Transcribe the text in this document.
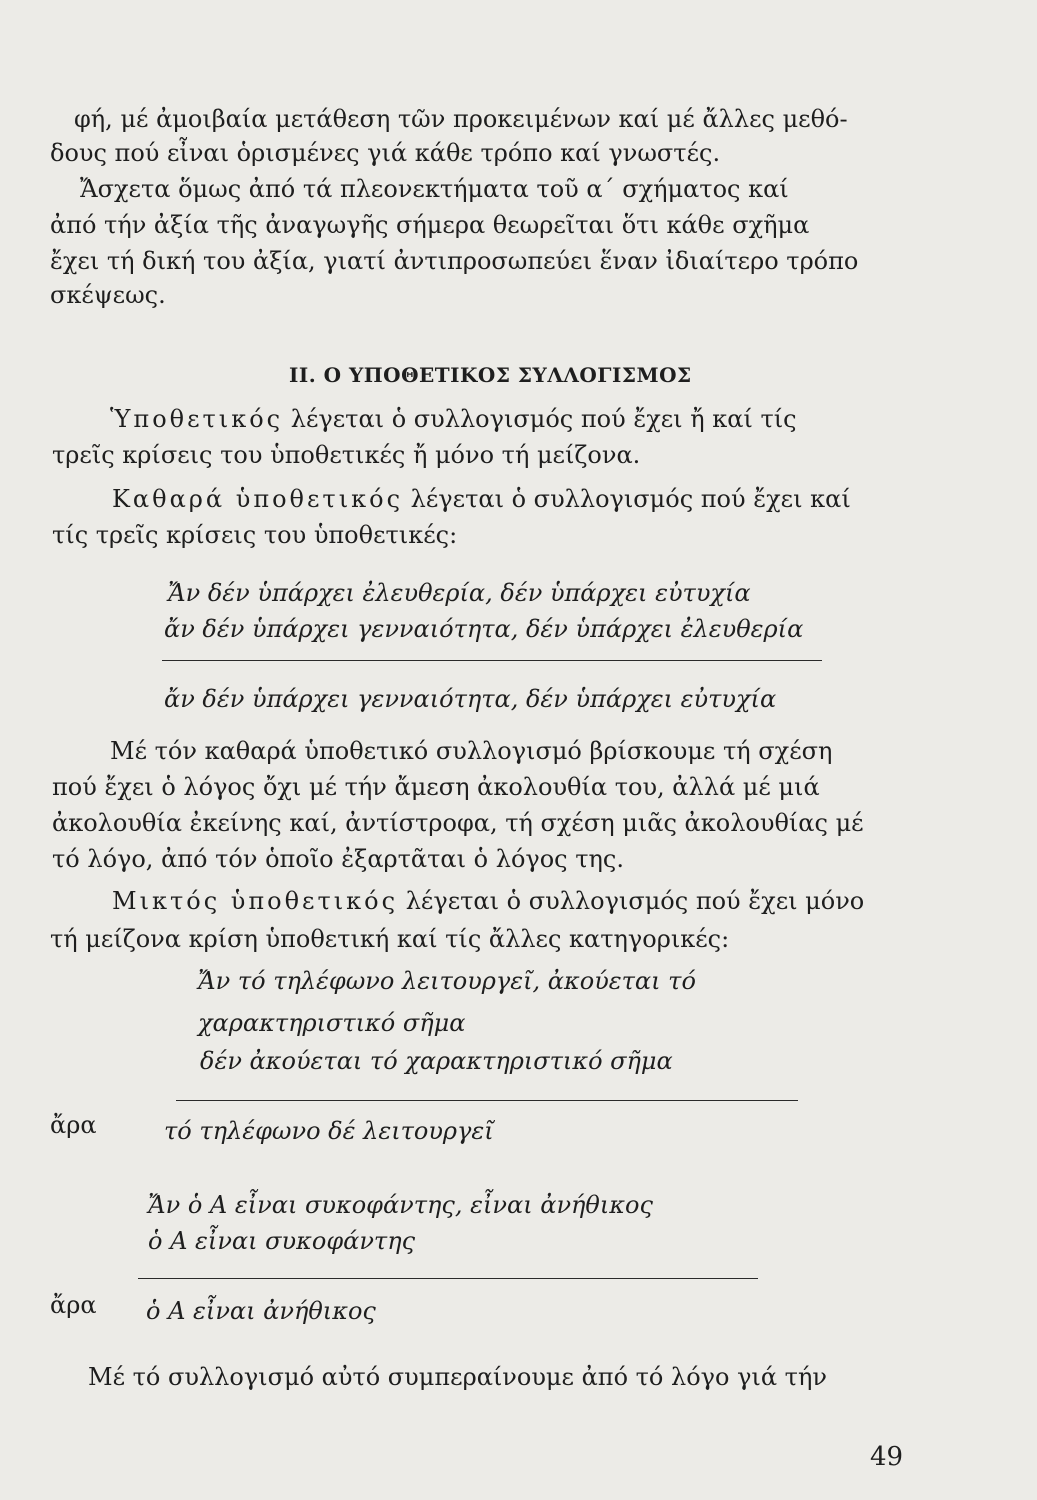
φή, μέ ἀμοιβαία μετάθεση τῶν προκειμένων καί μέ ἄλλες μεθό-
δους πού εἶναι ὁρισμένες γιά κάθε τρόπο καί γνωστές.
Ἄσχετα ὅμως ἀπό τά πλεονεκτήματα τοῦ α΄ σχήματος καί
ἀπό τήν ἀξία τῆς ἀναγωγῆς σήμερα θεωρεῖται ὅτι κάθε σχῆμα
ἔχει τή δική του ἀξία, γιατί ἀντιπροσωπεύει ἕναν ἰδιαίτερο τρόπο
σκέψεως.
ΙΙ. Ο ΥΠΟΘΕΤΙΚΟΣ ΣΥΛΛΟΓΙΣΜΟΣ
Ὑποθετικός λέγεται ὁ συλλογισμός πού ἔχει ἤ καί τίς
τρεῖς κρίσεις του ὑποθετικές ἤ μόνο τή μείζονα.
Καθαρά ὑποθετικός λέγεται ὁ συλλογισμός πού ἔχει καί
τίς τρεῖς κρίσεις του ὑποθετικές:
Ἄν δέν ὑπάρχει ἐλευθερία, δέν ὑπάρχει εὐτυχία
ἄν δέν ὑπάρχει γενναιότητα, δέν ὑπάρχει ἐλευθερία
ἄν δέν ὑπάρχει γενναιότητα, δέν ὑπάρχει εὐτυχία
Μέ τόν καθαρά ὑποθετικό συλλογισμό βρίσκουμε τή σχέση
πού ἔχει ὁ λόγος ὄχι μέ τήν ἄμεση ἀκολουθία του, ἀλλά μέ μιά
ἀκολουθία ἐκείνης καί, ἀντίστροφα, τή σχέση μιᾶς ἀκολουθίας μέ
τό λόγο, ἀπό τόν ὁποῖο ἐξαρτᾶται ὁ λόγος της.
Μικτός ὑποθετικός λέγεται ὁ συλλογισμός πού ἔχει μόνο
τή μείζονα κρίση ὑποθετική καί τίς ἄλλες κατηγορικές:
Ἄν τό τηλέφωνο λειτουργεῖ, ἀκούεται τό
χαρακτηριστικό σῆμα
δέν ἀκούεται τό χαρακτηριστικό σῆμα
ἄρα	τό τηλέφωνο δέ λειτουργεῖ
Ἄν ὁ Α εἶναι συκοφάντης, εἶναι ἀνήθικος
ὁ Α εἶναι συκοφάντης
ἄρα ὁ Α εἶναι ἀνήθικος
Μέ τό συλλογισμό αὐτό συμπεραίνουμε ἀπό τό λόγο γιά τήν
49
